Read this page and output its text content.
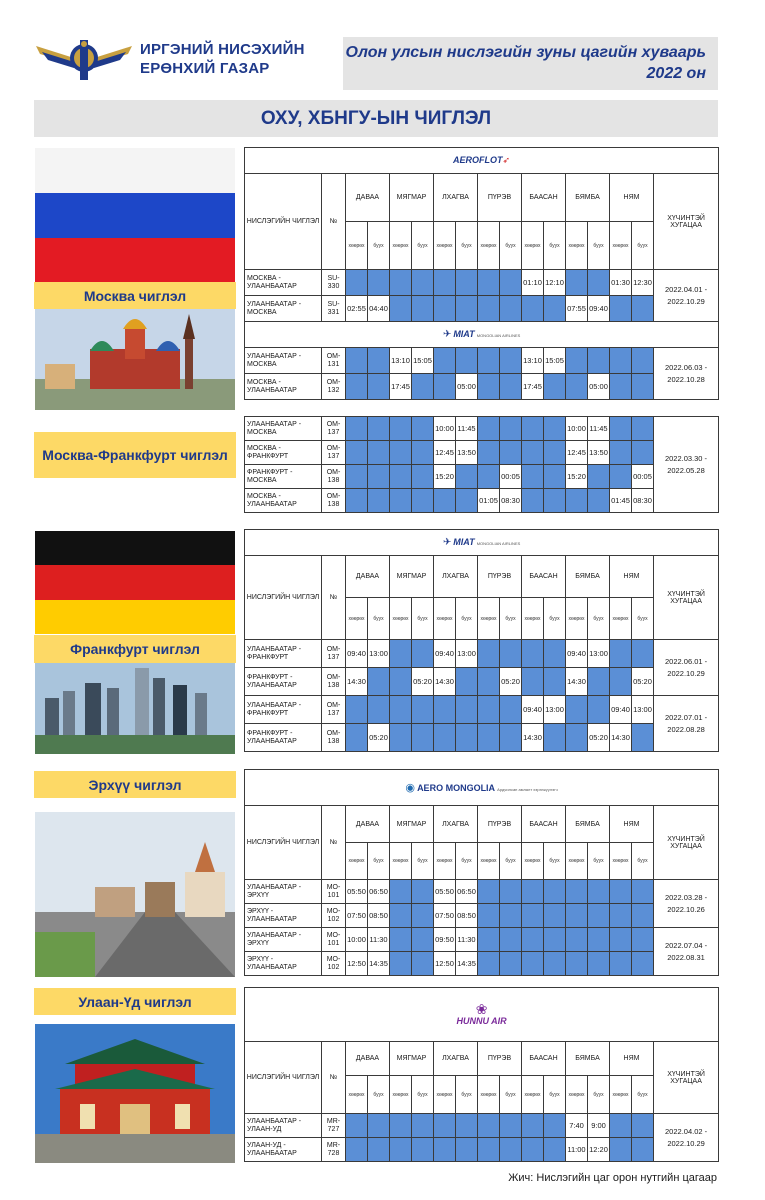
ИРГЭНИЙ НИСЭХИЙН
ЕРӨНХИЙ ГАЗАР
Олон улсын нислэгийн зуны цагийн хуваарь
2022 он
ОХУ, ХБНГУ-ЫН ЧИГЛЭЛ
Москва чиглэл
Москва-Франкфурт чиглэл
Франкфурт чиглэл
Эрхүү чиглэл
Улаан-Үд чиглэл
AEROFLOT➶																
НИСЛЭГИЙН ЧИГЛЭЛ	№	ДАВАА		МЯГМАР		ЛХАГВА		ПҮРЭВ		БААСАН		БЯМБА		НЯМ		ХҮЧИНТЭЙ ХУГАЦАА
		хөөрөх	буух	хөөрөх	буух	хөөрөх	буух	хөөрөх	буух	хөөрөх	буух	хөөрөх	буух	хөөрөх	буух	
МОСКВА - УЛААНБААТАР	SU-330									01:10	12:10			01:30	12:30	2022.04.01 - 2022.10.29
УЛААНБААТАР - МОСКВА	SU-331	02:55	04:40									07:55	09:40			
✈ MIAT MONGOLIAN AIRLINES																
УЛААНБААТАР - МОСКВА	OM-131			13:10	15:05					13:10	15:05					2022.06.03 - 2022.10.28
МОСКВА - УЛААНБААТАР	OM-132			17:45			05:00			17:45			05:00			
УЛААНБААТАР - МОСКВА	OM-137					10:00	11:45					10:00	11:45			2022.03.30 - 2022.05.28
МОСКВА - ФРАНКФУРТ	OM-137					12:45	13:50					12:45	13:50			
ФРАНКФУРТ - МОСКВА	OM-138					15:20			00:05			15:20			00:05	
МОСКВА - УЛААНБААТАР	OM-138							01:05	08:30					01:45	08:30	
✈ MIAT MONGOLIAN AIRLINES																
НИСЛЭГИЙН ЧИГЛЭЛ	№	ДАВАА		МЯГМАР		ЛХАГВА		ПҮРЭВ		БААСАН		БЯМБА		НЯМ		ХҮЧИНТЭЙ ХУГАЦАА
		хөөрөх	буух	хөөрөх	буух	хөөрөх	буух	хөөрөх	буух	хөөрөх	буух	хөөрөх	буух	хөөрөх	буух	
УЛААНБААТАР - ФРАНКФУРТ	OM-137	09:40	13:00			09:40	13:00					09:40	13:00			2022.06.01 - 2022.10.29
ФРАНКФУРТ - УЛААНБААТАР	OM-138	14:30			05:20	14:30			05:20			14:30			05:20	
УЛААНБААТАР - ФРАНКФУРТ	OM-137									09:40	13:00			09:40	13:00	2022.07.01 - 2022.08.28
ФРАНКФУРТ - УЛААНБААТАР	OM-138		05:20							14:30			05:20	14:30		
◉ AERO MONGOLIA Ардчилсан амлалт хэрэгжүүлэгч																
НИСЛЭГИЙН ЧИГЛЭЛ	№	ДАВАА		МЯГМАР		ЛХАГВА		ПҮРЭВ		БААСАН		БЯМБА		НЯМ		ХҮЧИНТЭЙ ХУГАЦАА
		хөөрөх	буух	хөөрөх	буух	хөөрөх	буух	хөөрөх	буух	хөөрөх	буух	хөөрөх	буух	хөөрөх	буух	
УЛААНБААТАР - ЭРХҮҮ	MO-101	05:50	06:50			05:50	06:50									2022.03.28 - 2022.10.26
ЭРХҮҮ - УЛААНБААТАР	MO-102	07:50	08:50			07:50	08:50									
УЛААНБААТАР - ЭРХҮҮ	MO-101	10:00	11:30			09:50	11:30									2022.07.04 - 2022.08.31
ЭРХҮҮ - УЛААНБААТАР	MO-102	12:50	14:35			12:50	14:35									
❀
HUNNU AIR																

НИСЛЭГИЙН ЧИГЛЭЛ	№	ДАВАА		МЯГМАР		ЛХАГВА		ПҮРЭВ		БААСАН		БЯМБА		НЯМ		ХҮЧИНТЭЙ ХУГАЦАА
		хөөрөх	буух	хөөрөх	буух	хөөрөх	буух	хөөрөх	буух	хөөрөх	буух	хөөрөх	буух	хөөрөх	буух	
УЛААНБААТАР - УЛААН-УД	MR-727											7:40	9:00			2022.04.02 - 2022.10.29
УЛААН-УД - УЛААНБААТАР	MR-728											11:00	12:20			
Жич: Нислэгийн цаг орон нутгийн цагаар
